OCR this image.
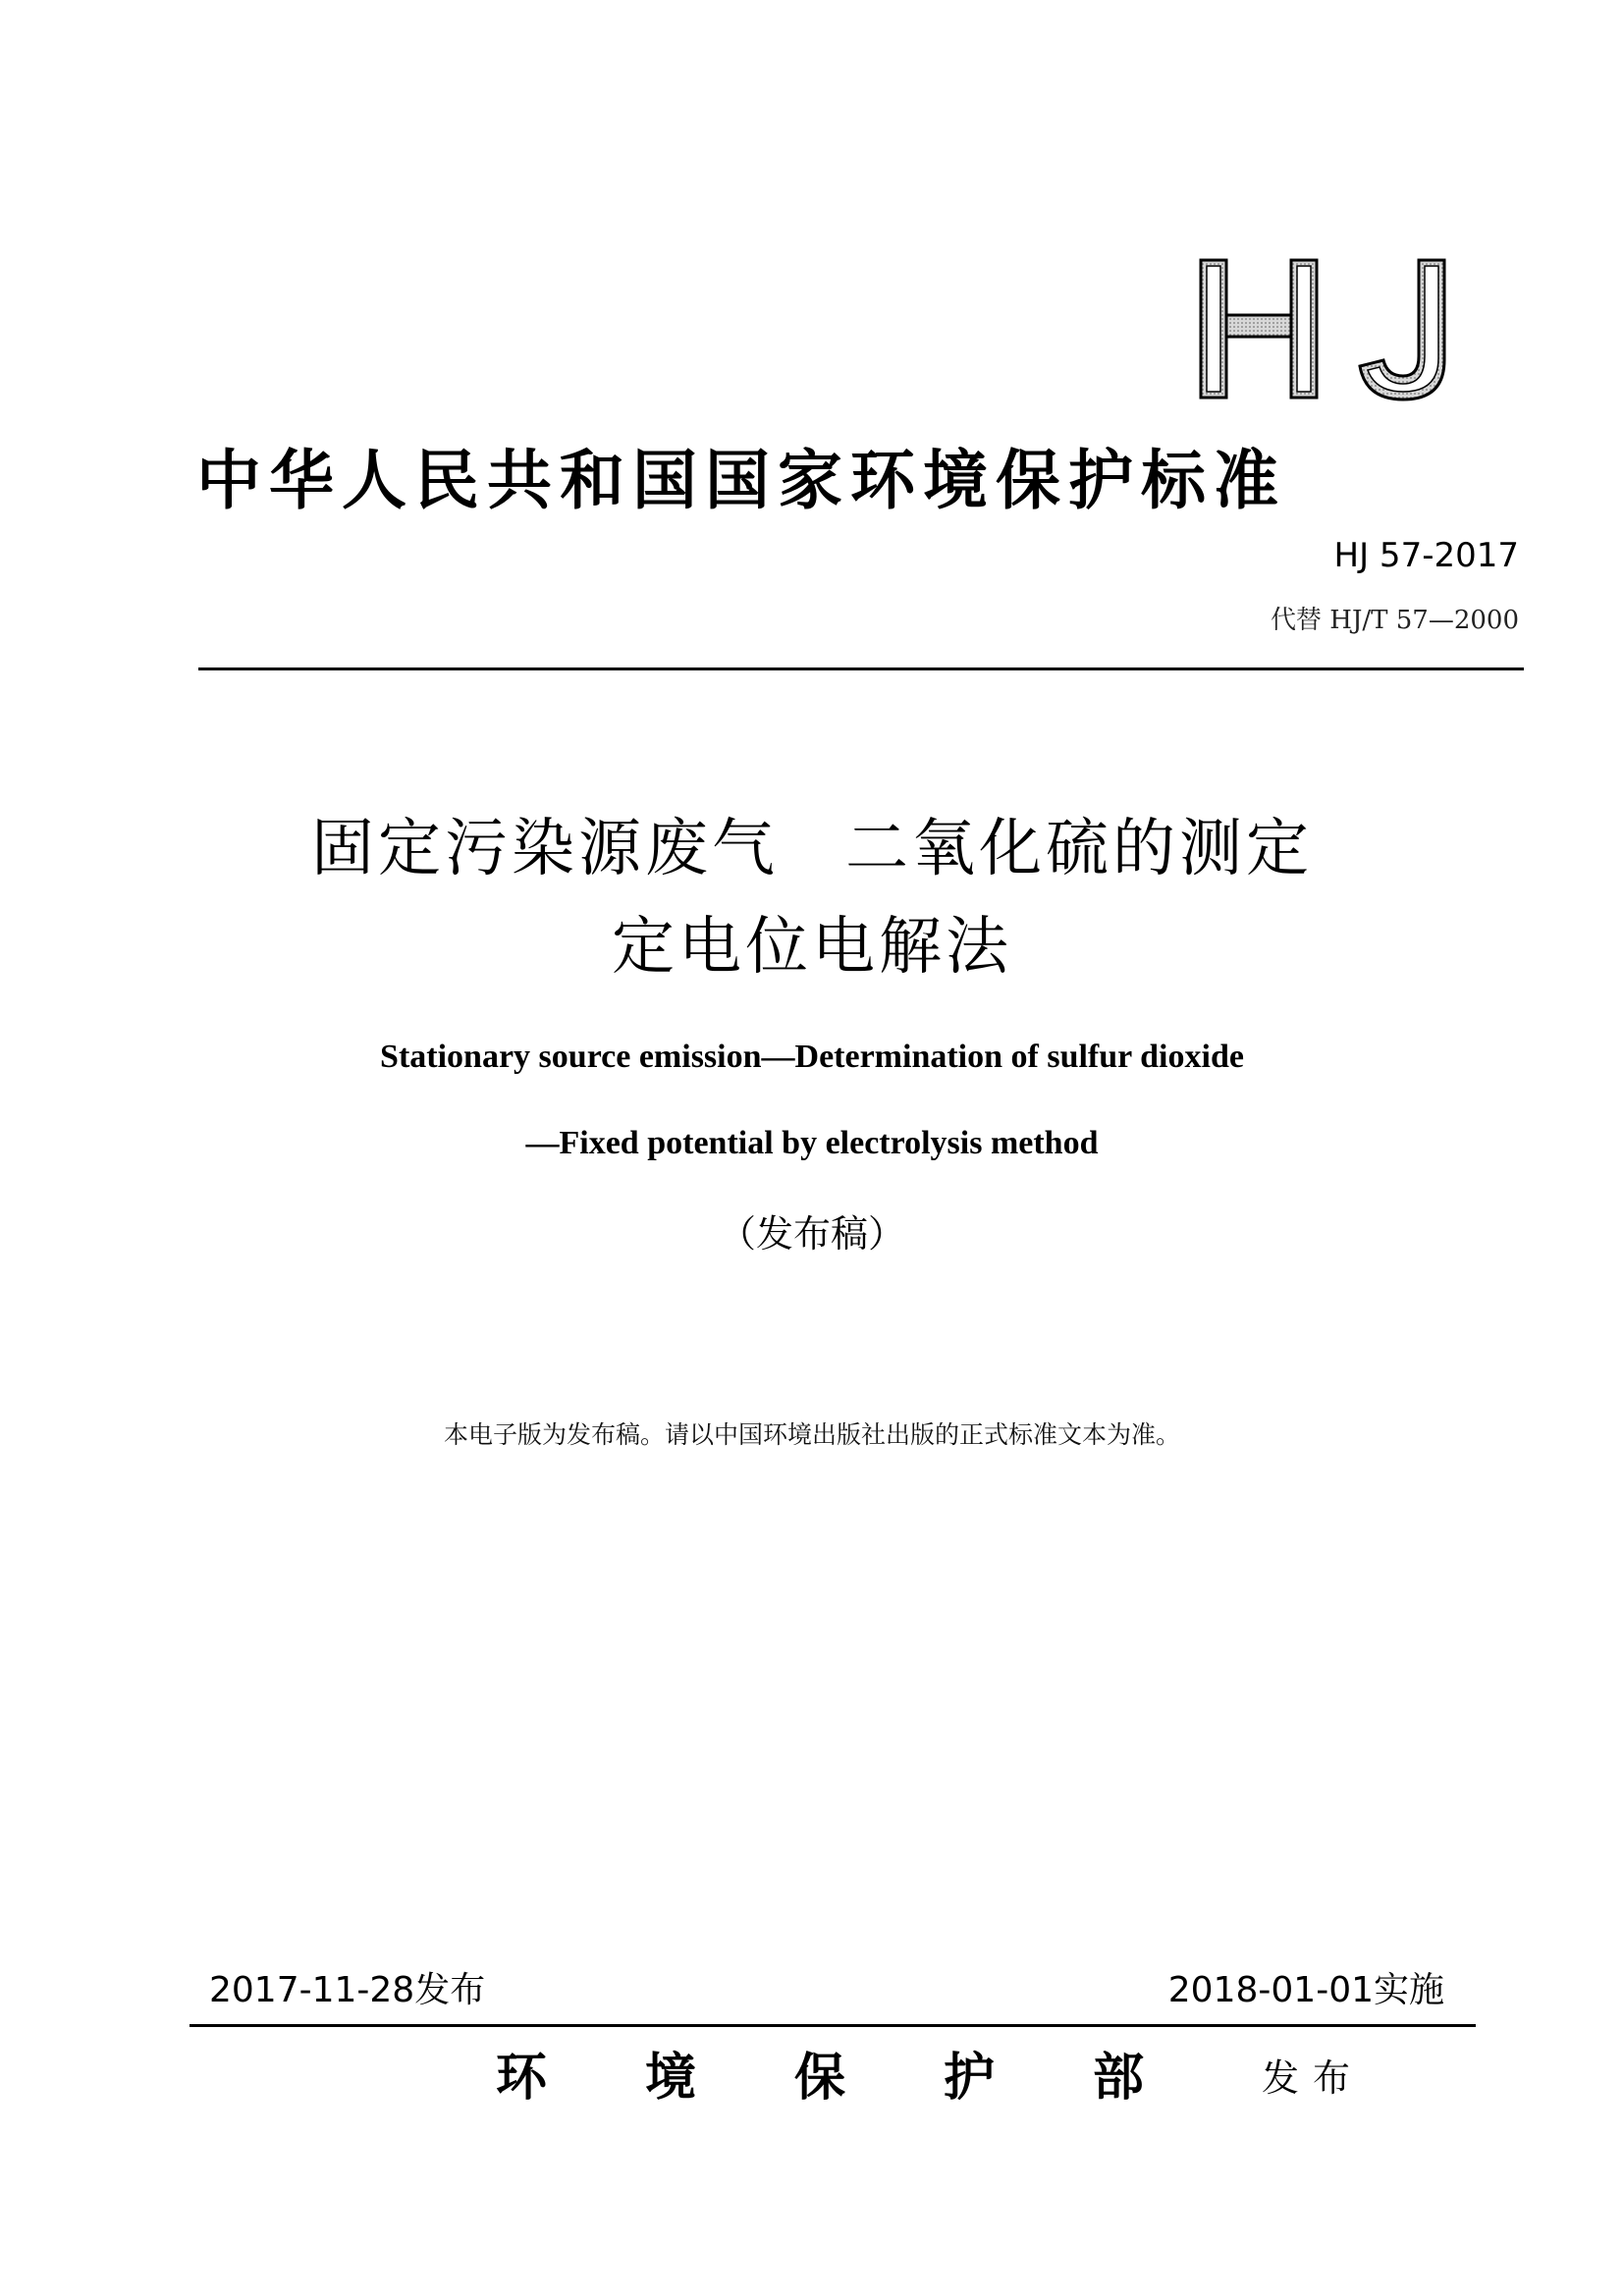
中华人民共和国国家环境保护标准
HJ 57-2017
代替 HJ/T 57—2000
固定污染源废气　二氧化硫的测定
定电位电解法
Stationary source emission—Determination of sulfur dioxide
—Fixed potential by electrolysis method
（发布稿）
本电子版为发布稿。请以中国环境出版社出版的正式标准文本为准。
2017-11-28发布	2018-01-01实施
环境保护部 发布
